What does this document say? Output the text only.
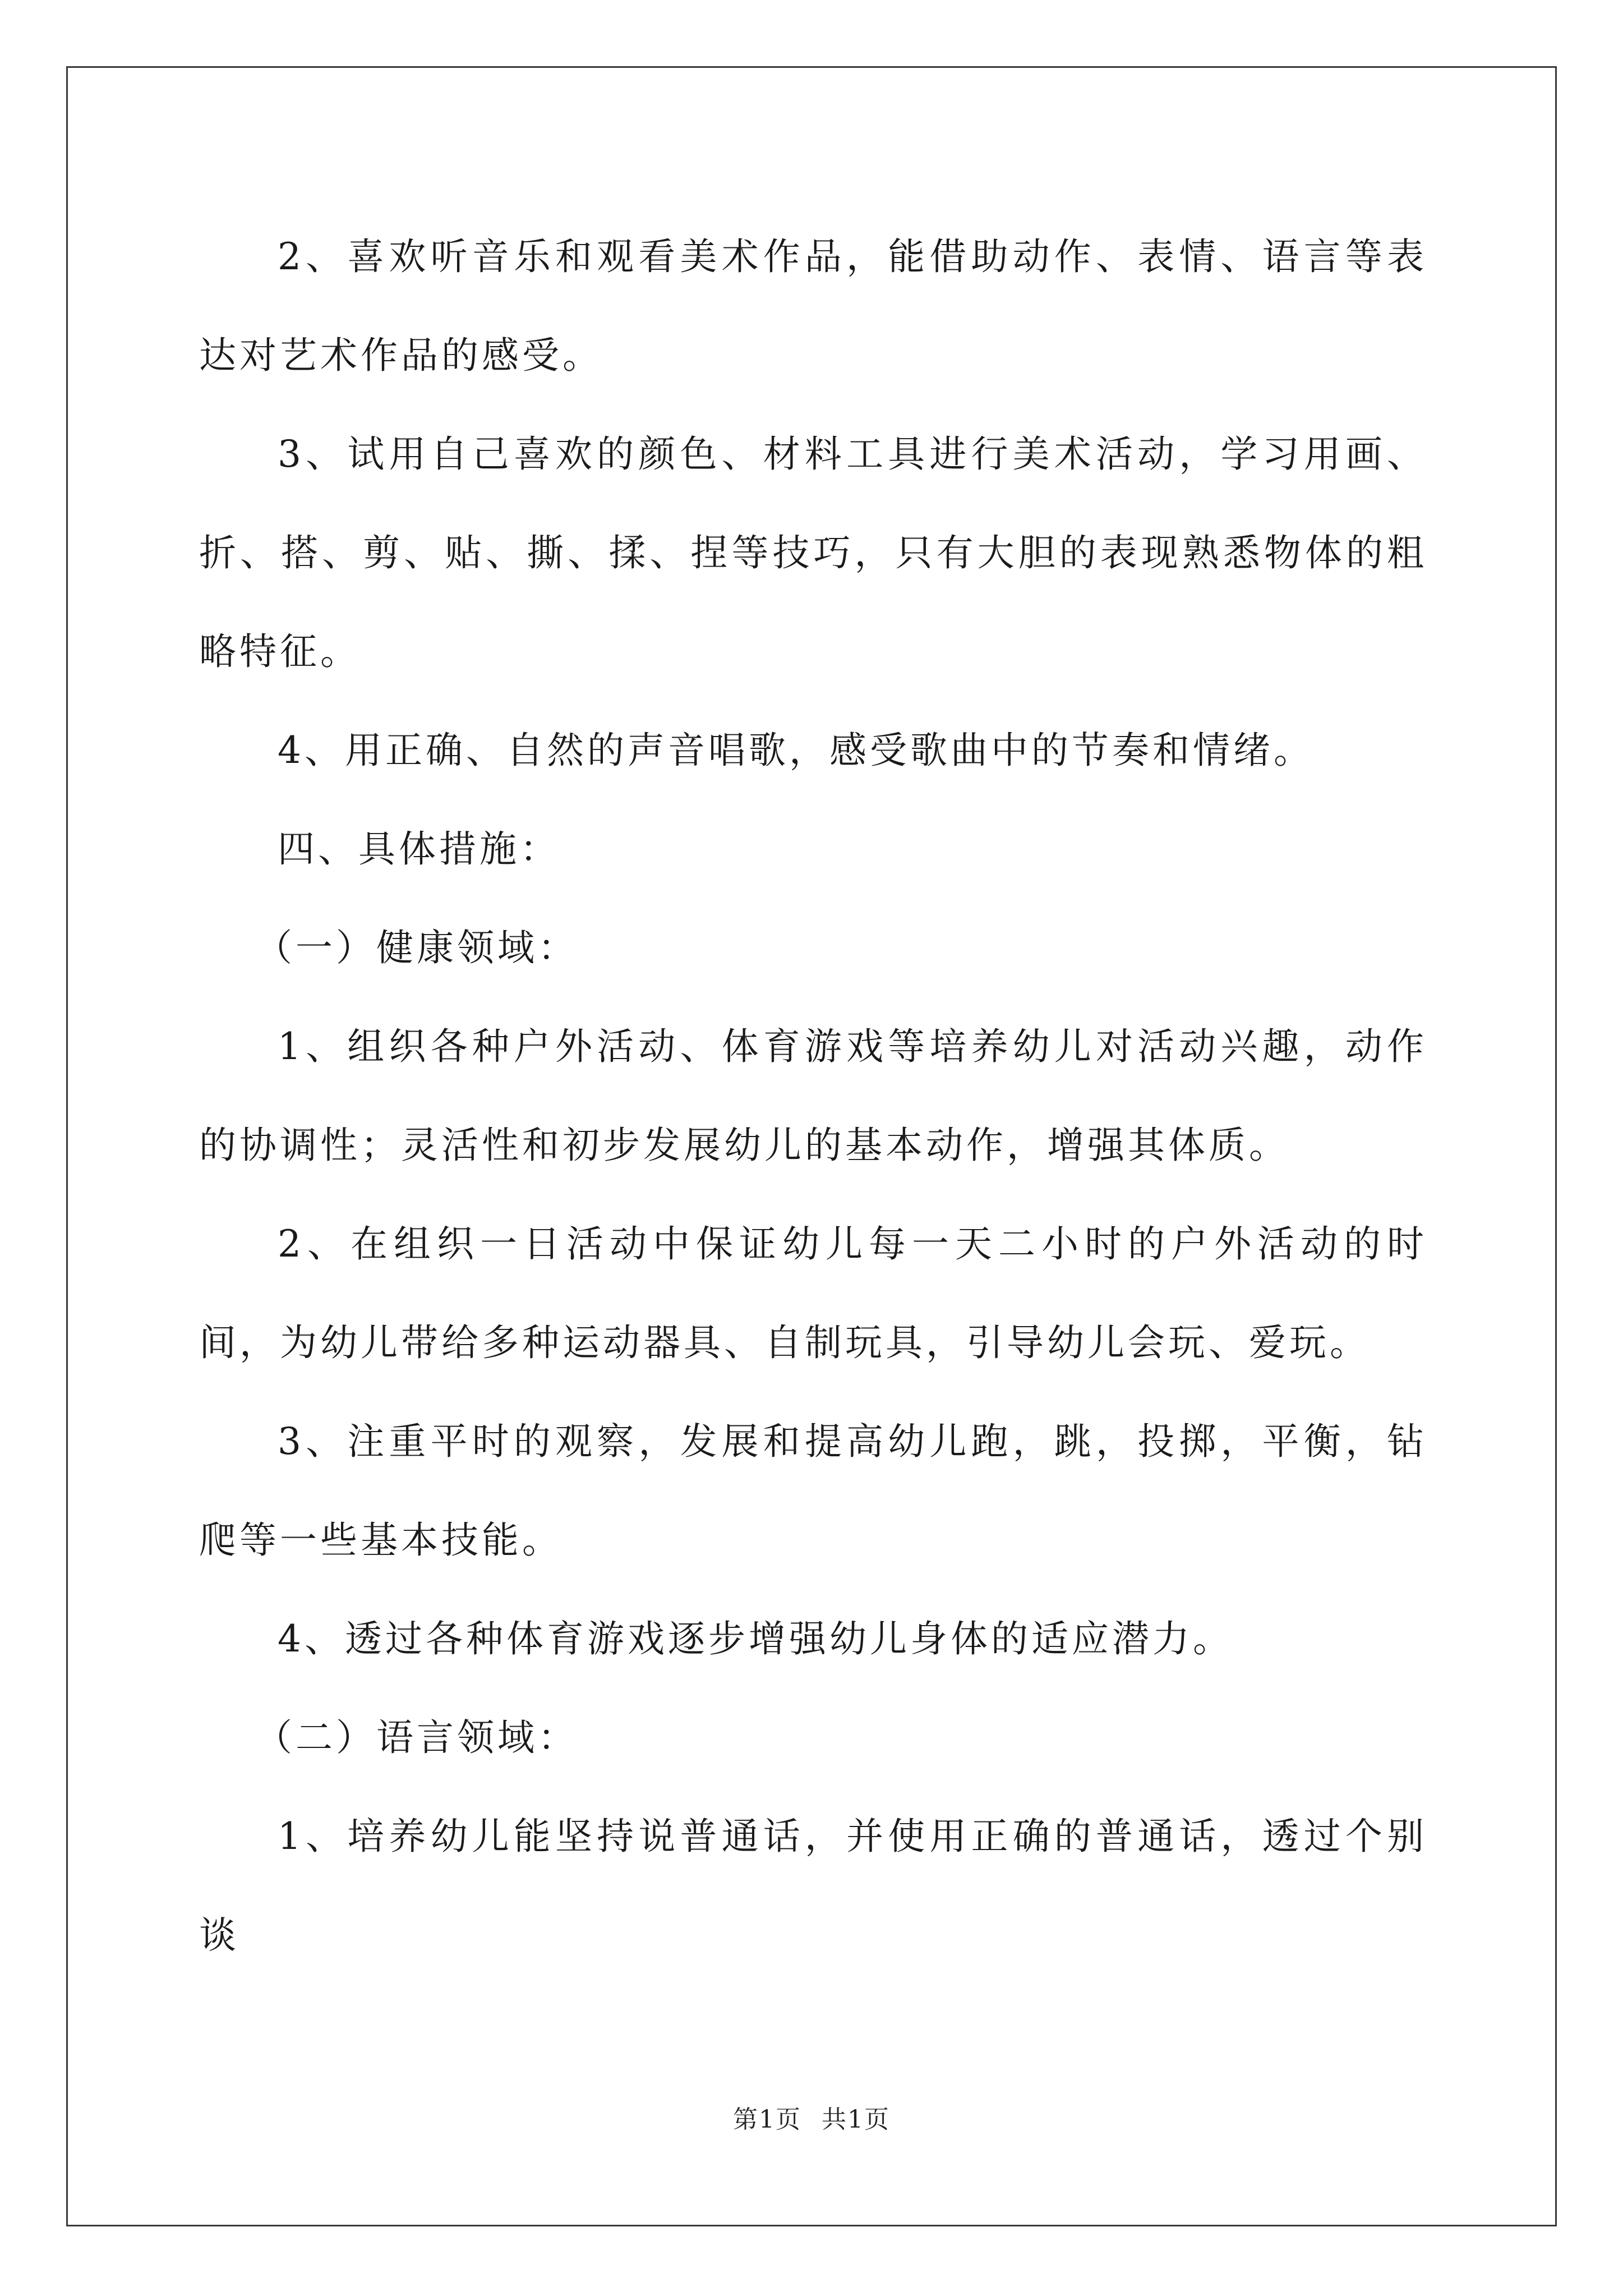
2、喜欢听音乐和观看美术作品，能借助动作、表情、语言等表达对艺术作品的感受。

3、试用自己喜欢的颜色、材料工具进行美术活动，学习用画、折、搭、剪、贴、撕、揉、捏等技巧，只有大胆的表现熟悉物体的粗略特征。

4、用正确、自然的声音唱歌，感受歌曲中的节奏和情绪。

四、具体措施：

（一）健康领域：

1、组织各种户外活动、体育游戏等培养幼儿对活动兴趣，动作的协调性；灵活性和初步发展幼儿的基本动作，增强其体质。

2、在组织一日活动中保证幼儿每一天二小时的户外活动的时间，为幼儿带给多种运动器具、自制玩具，引导幼儿会玩、爱玩。

3、注重平时的观察，发展和提高幼儿跑，跳，投掷，平衡，钻爬等一些基本技能。

4、透过各种体育游戏逐步增强幼儿身体的适应潜力。

（二）语言领域：

1、培养幼儿能坚持说普通话，并使用正确的普通话，透过个别谈

第1页 共1页
